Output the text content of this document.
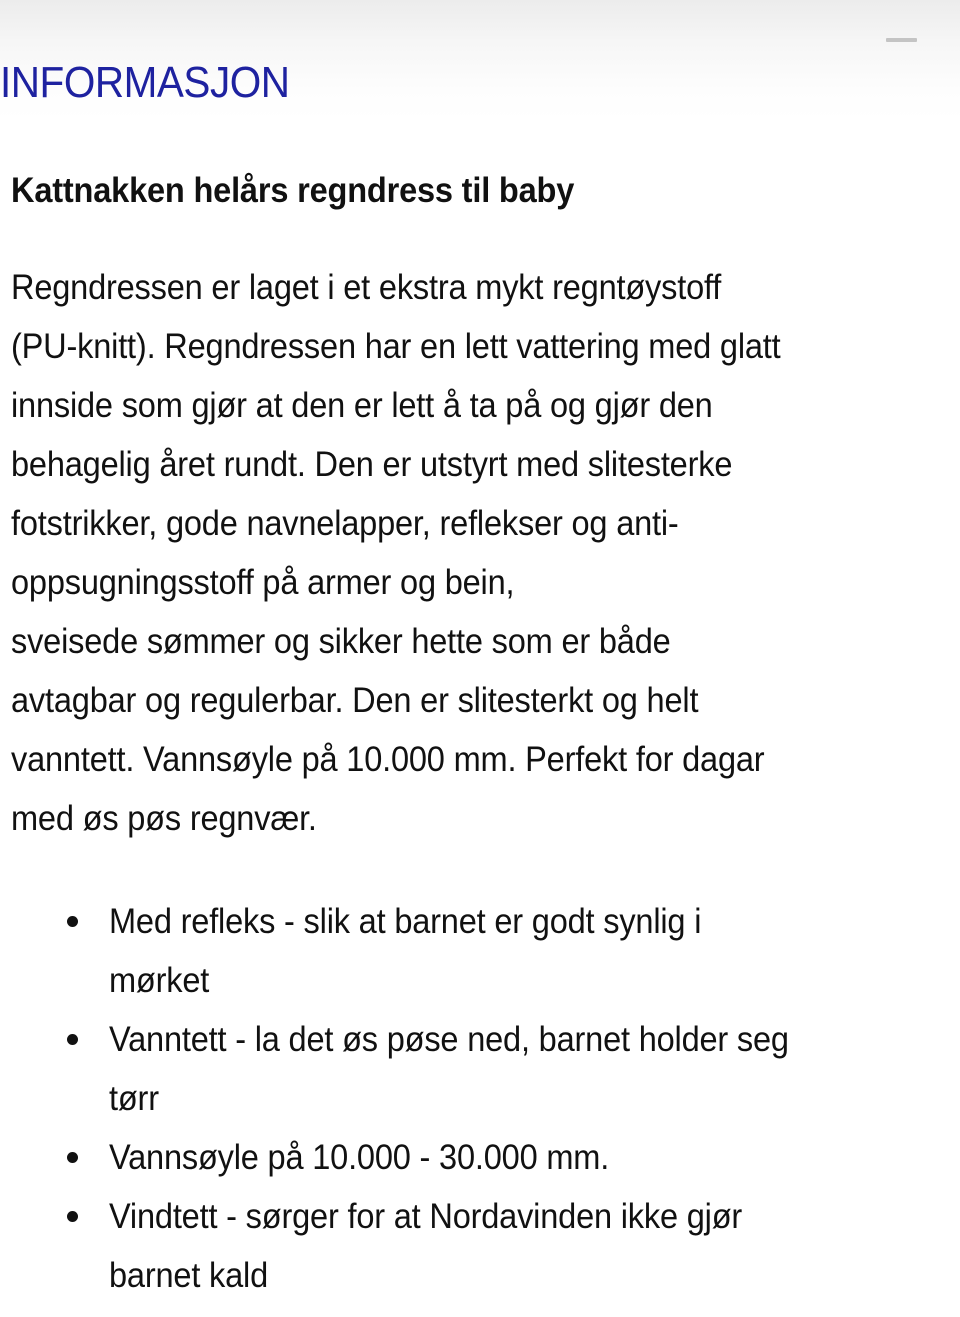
INFORMASJON
Kattnakken helårs regndress til baby

Regndressen er laget i et ekstra mykt regntøystoff
(PU-knitt). Regndressen har en lett vattering med glatt
innside som gjør at den er lett å ta på og gjør den
behagelig året rundt. Den er utstyrt med slitesterke
fotstrikker, gode navnelapper, reflekser og anti-
oppsugningsstoff på armer og bein,
sveisede sømmer og sikker hette som er både
avtagbar og regulerbar. Den er slitesterkt og helt
vanntett. Vannsøyle på 10.000 mm. Perfekt for dagar
med øs pøs regnvær.

Med refleks - slik at barnet er godt synlig i
mørket
Vanntett - la det øs pøse ned, barnet holder seg
tørr
Vannsøyle på 10.000 - 30.000 mm.
Vindtett - sørger for at Nordavinden ikke gjør
barnet kald
